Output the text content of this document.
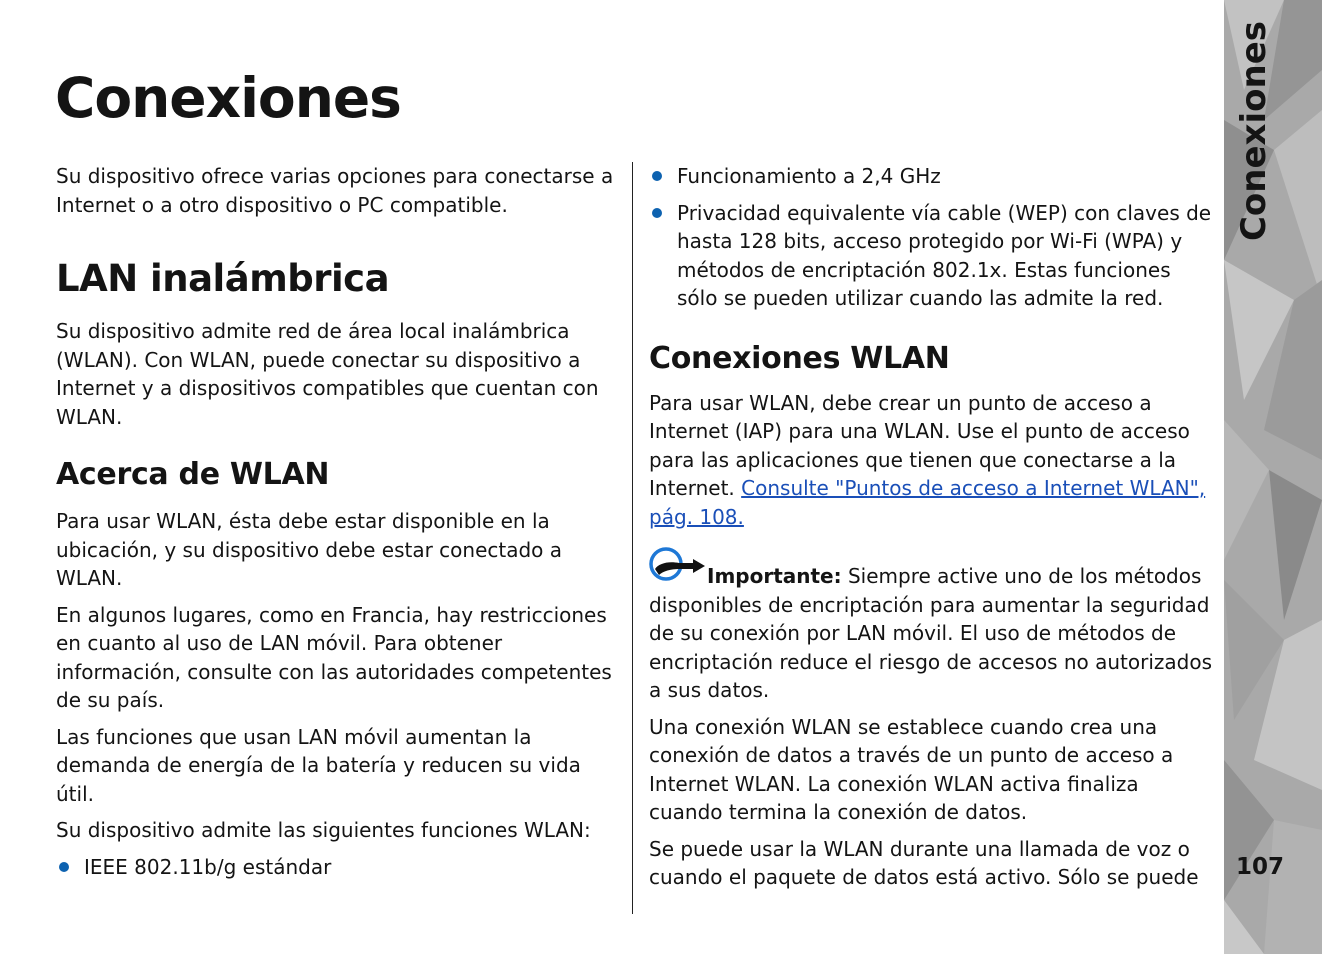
Conexiones

Su dispositivo ofrece varias opciones para conectarse a Internet o a otro dispositivo o PC compatible.

LAN inalámbrica

Su dispositivo admite red de área local inalámbrica (WLAN). Con WLAN, puede conectar su dispositivo a Internet y a dispositivos compatibles que cuentan con WLAN.

Acerca de WLAN

Para usar WLAN, ésta debe estar disponible en la ubicación, y su dispositivo debe estar conectado a WLAN.

En algunos lugares, como en Francia, hay restricciones en cuanto al uso de LAN móvil. Para obtener información, consulte con las autoridades competentes de su país.

Las funciones que usan LAN móvil aumentan la demanda de energía de la batería y reducen su vida útil.

Su dispositivo admite las siguientes funciones WLAN:

IEEE 802.11b/g estándar
Funcionamiento a 2,4 GHz
Privacidad equivalente vía cable (WEP) con claves de hasta 128 bits, acceso protegido por Wi-Fi (WPA) y métodos de encriptación 802.1x. Estas funciones sólo se pueden utilizar cuando las admite la red.
Conexiones WLAN

Para usar WLAN, debe crear un punto de acceso a Internet (IAP) para una WLAN. Use el punto de acceso para las aplicaciones que tienen que conectarse a la Internet. Consulte "Puntos de acceso a Internet WLAN", pág. 108.

Importante: Siempre active uno de los métodos disponibles de encriptación para aumentar la seguridad de su conexión por LAN móvil. El uso de métodos de encriptación reduce el riesgo de accesos no autorizados a sus datos.

Una conexión WLAN se establece cuando crea una conexión de datos a través de un punto de acceso a Internet WLAN. La conexión WLAN activa finaliza cuando termina la conexión de datos.

Se puede usar la WLAN durante una llamada de voz o cuando el paquete de datos está activo. Sólo se puede

Conexiones
107
